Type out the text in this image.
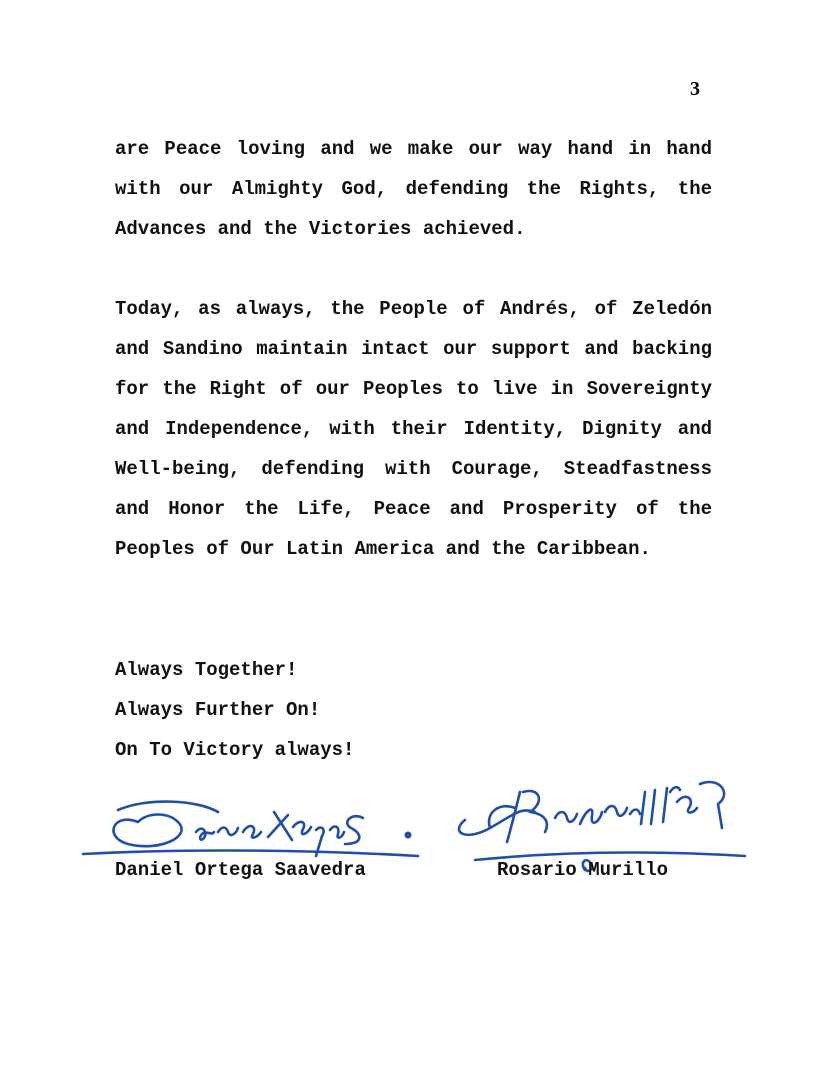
3

are Peace loving and we make our way hand in hand with our Almighty God, defending the Rights, the Advances and the Victories achieved.

Today, as always, the People of Andrés, of Zeledón and Sandino maintain intact our support and backing for the Right of our Peoples to live in Sovereignty and Independence, with their Identity, Dignity and Well-being, defending with Courage, Steadfastness and Honor the Life, Peace and Prosperity of the Peoples of Our Latin America and the Caribbean.

Always Together!
Always Further On!
On To Victory always!
Daniel Ortega Saavedra	Rosario Murillo
